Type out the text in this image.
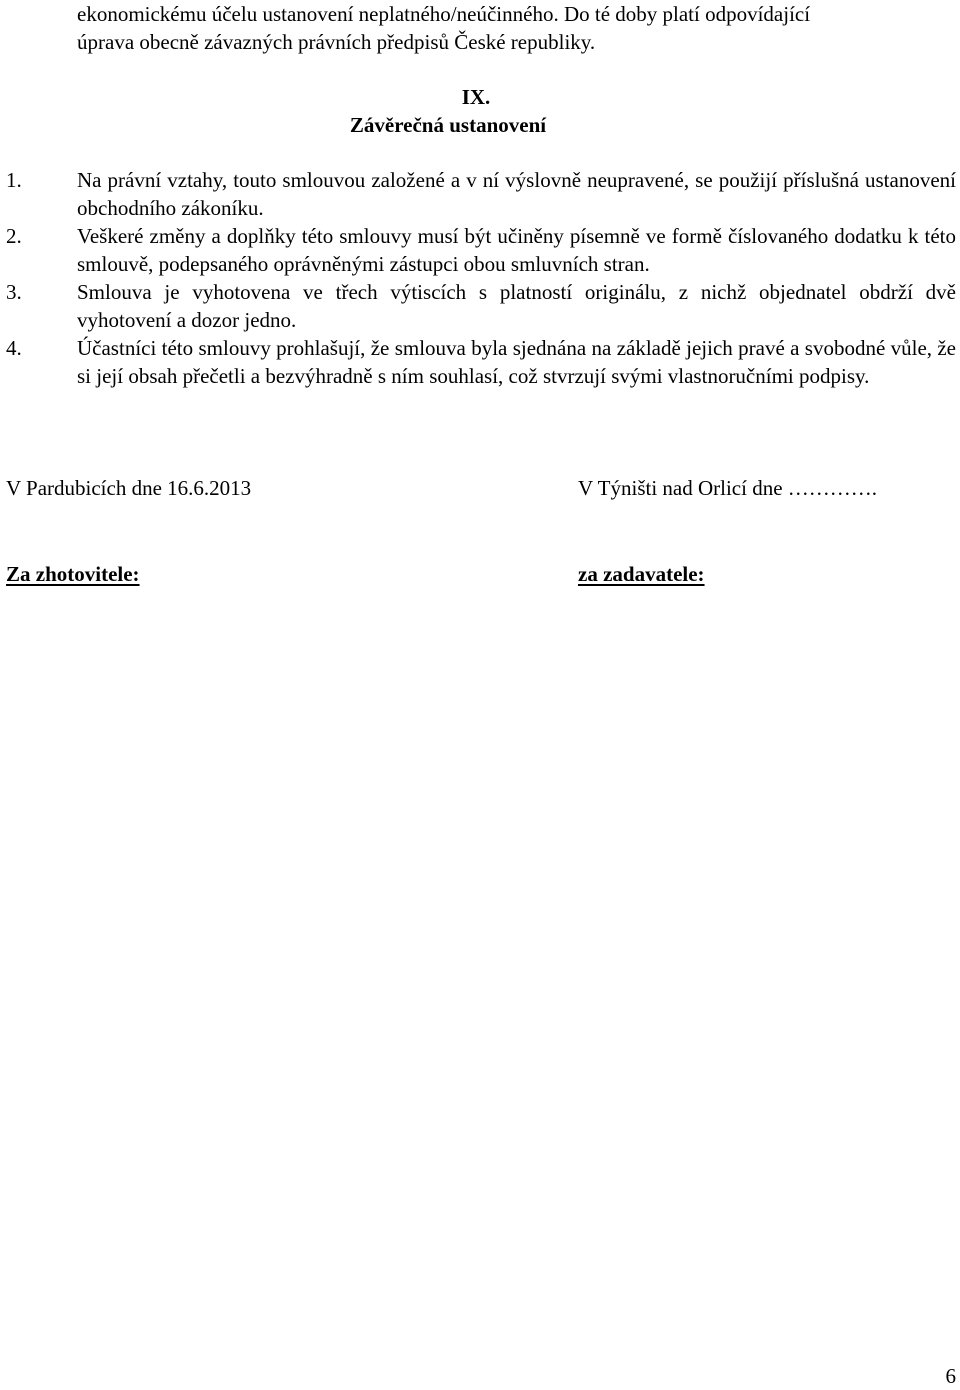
ekonomickému účelu ustanovení neplatného/neúčinného. Do té doby platí odpovídající

úprava obecně závazných právních předpisů České republiky.

IX.

Závěrečná ustanovení

1.	Na právní vztahy, touto smlouvou založené a v ní výslovně neupravené, se použijí příslušná ustanovení obchodního zákoníku.
2.	Veškeré změny a doplňky této smlouvy musí být učiněny písemně ve formě číslovaného dodatku k této smlouvě, podepsaného oprávněnými zástupci obou smluvních stran.
3.	Smlouva je vyhotovena ve třech výtiscích s platností originálu, z nichž objednatel obdrží dvě vyhotovení a dozor jedno.
4.	Účastníci této smlouvy prohlašují, že smlouva byla sjednána na základě jejich pravé a svobodné vůle, že si její obsah přečetli a bezvýhradně s ním souhlasí, což stvrzují svými vlastnoručními podpisy.
V Pardubicích dne 16.6.2013	V Týništi nad Orlicí dne ………….
Za zhotovitele:	za zadavatele:

6
